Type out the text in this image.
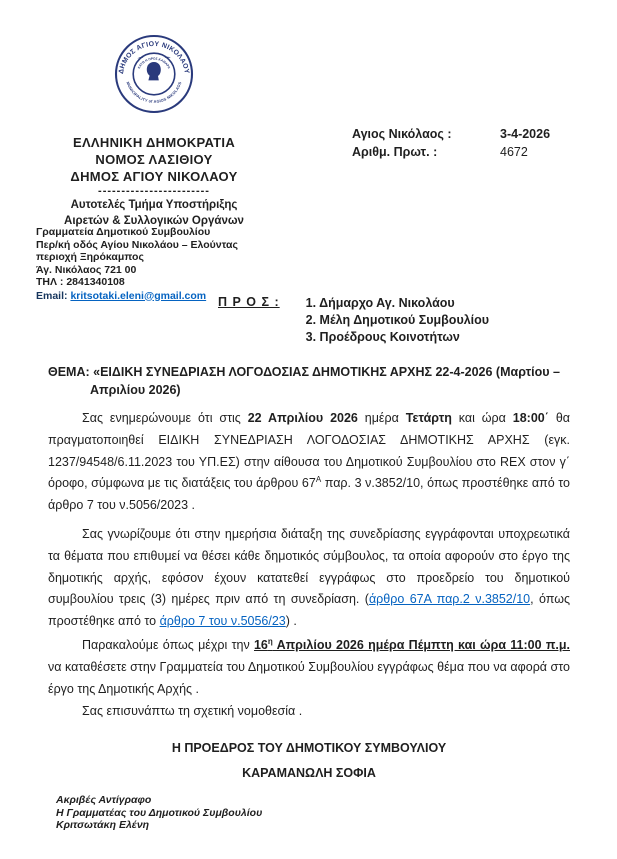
ΔΗΜΟΣ ΑΓΙΟΥ ΝΙΚΟΛΑΟΥ
MUNICIPALITY of AGIOS NIKOLAOS
ΛΑΤΩ Η ΠΡΟΣ ΚΑΜΑΡΑ
ΕΛΛΗΝΙΚΗ ΔΗΜΟΚΡΑΤΙΑ
ΝΟΜΟΣ ΛΑΣΙΘΙΟΥ
ΔΗΜΟΣ ΑΓΙΟΥ ΝΙΚΟΛΑΟΥ
------------------------
Αυτοτελές Τμήμα Υποστήριξης
Αιρετών & Συλλογικών Οργάνων
Αγιος Νικόλαος :	3-4-2026
Αριθμ. Πρωτ. :	4672
Γραμματεία Δημοτικού Συμβουλίου
Περ/κή οδός Αγίου Νικολάου – Ελούντας
περιοχή Ξηρόκαμπος
Άγ. Νικόλαος 721 00
ΤΗΛ : 2841340108
Email: kritsotaki.eleni@gmail.com Π Ρ Ο Σ : 1. Δήμαρχο Αγ. Νικολάου
2. Μέλη Δημοτικού Συμβουλίου
3. Προέδρους Κοινοτήτων
ΘΕΜΑ: «ΕΙΔΙΚΗ ΣΥΝΕΔΡΙΑΣΗ ΛΟΓΟΔΟΣΙΑΣ ΔΗΜΟΤΙΚΗΣ ΑΡΧΗΣ 22-4-2026 (Μαρτίου –
Απριλίου 2026)

Σας ενημερώνουμε ότι στις 22 Απριλίου 2026 ημέρα Τετάρτη και ώρα 18:00΄ θα πραγματοποιηθεί ΕΙΔΙΚΗ ΣΥΝΕΔΡΙΑΣΗ ΛΟΓΟΔΟΣΙΑΣ ΔΗΜΟΤΙΚΗΣ ΑΡΧΗΣ (εγκ. 1237/94548/6.11.2023 του ΥΠ.ΕΣ) στην αίθουσα του Δημοτικού Συμβουλίου στο REX στον γ΄ όροφο, σύμφωνα με τις διατάξεις του άρθρου $67^A$ παρ. 3 ν.3852/10, όπως προστέθηκε από το άρθρο 7 του ν.5056/2023 .

Σας γνωρίζουμε ότι στην ημερήσια διάταξη της συνεδρίασης εγγράφονται υποχρεωτικά τα θέματα που επιθυμεί να θέσει κάθε δημοτικός σύμβουλος, τα οποία αφορούν στο έργο της δημοτικής αρχής, εφόσον έχουν κατατεθεί εγγράφως στο προεδρείο του δημοτικού συμβουλίου τρεις (3) ημέρες πριν από τη συνεδρίαση. (άρθρο 67Α παρ.2 ν.3852/10, όπως προστέθηκε από το άρθρο 7 του ν.5056/23) .

Παρακαλούμε όπως μέχρι την $16^\eta$ Απριλίου 2026 ημέρα Πέμπτη και ώρα 11:00 π.μ. να καταθέσετε στην Γραμματεία του Δημοτικού Συμβουλίου εγγράφως θέμα που να αφορά στο έργο της Δημοτικής Αρχής .

Σας επισυνάπτω τη σχετική νομοθεσία .
Η ΠΡΟΕΔΡΟΣ ΤΟΥ ΔΗΜΟΤΙΚΟΥ ΣΥΜΒΟΥΛΙΟΥ
ΚΑΡΑΜΑΝΩΛΗ ΣΟΦΙΑ
Ακριβές Αντίγραφο
Η Γραμματέας του Δημοτικού Συμβουλίου
Κριτσωτάκη Ελένη
